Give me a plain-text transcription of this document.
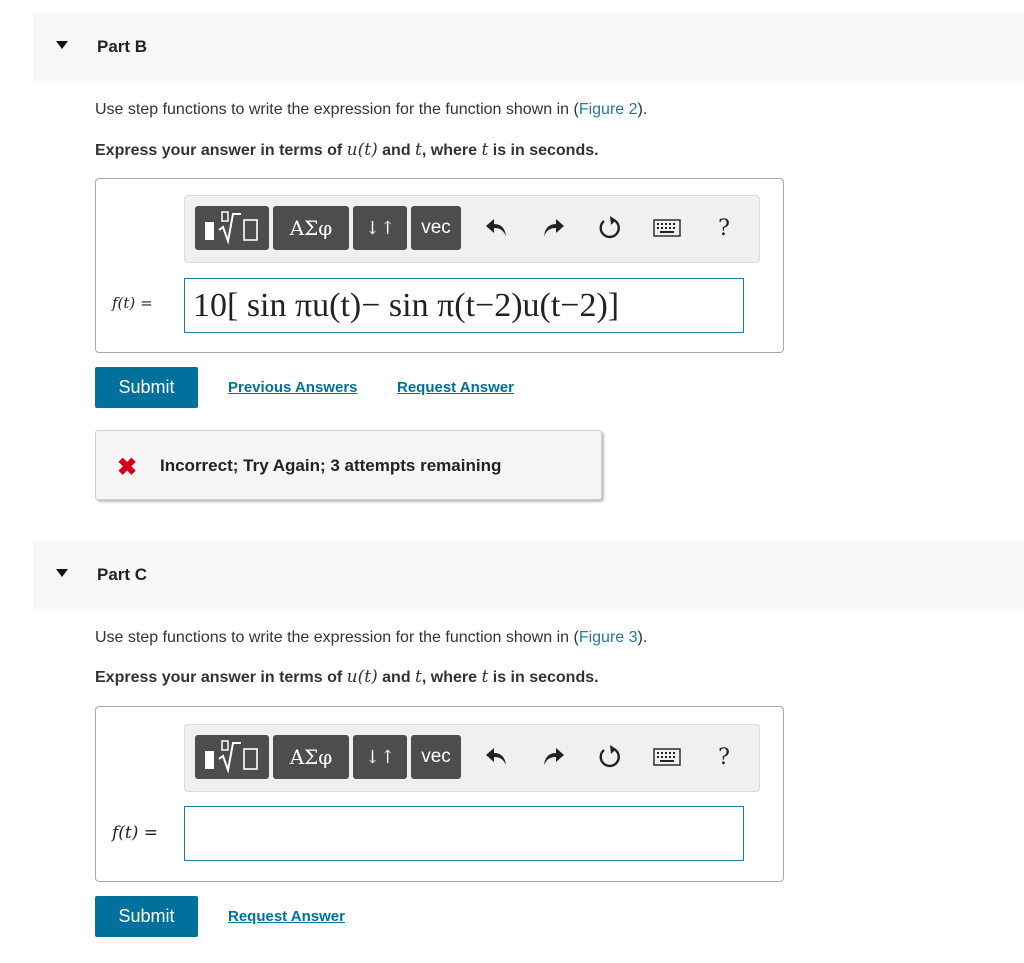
Part B
Use step functions to write the expression for the function shown in (Figure 2).
Express your answer in terms of u(t) and t, where t is in seconds.
ΑΣφ	↓↑	vec	?
f(t) = 10[ sin πu(t)− sin π(t−2)u(t−2)]
Submit	Previous Answers	Request Answer
✖ Incorrect; Try Again; 3 attempts remaining
Part C
Use step functions to write the expression for the function shown in (Figure 3).
Express your answer in terms of u(t) and t, where t is in seconds.
ΑΣφ	↓↑	vec	?
f(t) =
Submit	Request Answer
